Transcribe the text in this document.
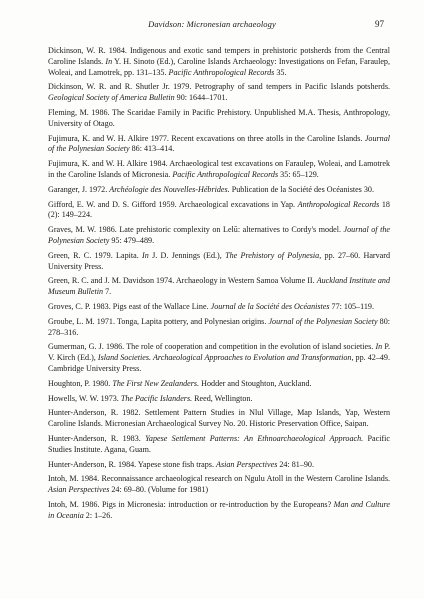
Davidson: Micronesian archaeology	97

Dickinson, W. R. 1984. Indigenous and exotic sand tempers in prehistoric potsherds from the Central Caroline Islands. In Y. H. Sinoto (Ed.), Caroline Islands Archaeology: Investigations on Fefan, Faraulep, Woleai, and Lamotrek, pp. 131–135. Pacific Anthropological Records 35.

Dickinson, W. R. and R. Shutler Jr. 1979. Petrography of sand tempers in Pacific Islands potsherds. Geological Society of America Bulletin 90: 1644–1701.

Fleming, M. 1986. The Scaridae Family in Pacific Prehistory. Unpublished M.A. Thesis, Anthropology, University of Otago.

Fujimura, K. and W. H. Alkire 1977. Recent excavations on three atolls in the Caroline Islands. Journal of the Polynesian Society 86: 413–414.

Fujimura, K. and W. H. Alkire 1984. Archaeological test excavations on Faraulep, Woleai, and Lamotrek in the Caroline Islands of Micronesia. Pacific Anthropological Records 35: 65–129.

Garanger, J. 1972. Archéologie des Nouvelles-Hébrides. Publication de la Société des Océanistes 30.

Gifford, E. W. and D. S. Gifford 1959. Archaeological excavations in Yap. Anthropological Records 18 (2): 149–224.

Graves, M. W. 1986. Late prehistoric complexity on Lelū: alternatives to Cordy's model. Journal of the Polynesian Society 95: 479–489.

Green, R. C. 1979. Lapita. In J. D. Jennings (Ed.), The Prehistory of Polynesia, pp. 27–60. Harvard University Press.

Green, R. C. and J. M. Davidson 1974. Archaeology in Western Samoa Volume II. Auckland Institute and Museum Bulletin 7.

Groves, C. P. 1983. Pigs east of the Wallace Line. Journal de la Société des Océanistes 77: 105–119.

Groube, L. M. 1971. Tonga, Lapita pottery, and Polynesian origins. Journal of the Polynesian Society 80: 278–316.

Gumerman, G. J. 1986. The role of cooperation and competition in the evolution of island societies. In P. V. Kirch (Ed.), Island Societies. Archaeological Approaches to Evolution and Transformation, pp. 42–49. Cambridge University Press.

Houghton, P. 1980. The First New Zealanders. Hodder and Stoughton, Auckland.

Howells, W. W. 1973. The Pacific Islanders. Reed, Wellington.

Hunter-Anderson, R. 1982. Settlement Pattern Studies in Nlul Village, Map Islands, Yap, Western Caroline Islands. Micronesian Archaeological Survey No. 20. Historic Preservation Office, Saipan.

Hunter-Anderson, R. 1983. Yapese Settlement Patterns: An Ethnoarchaeological Approach. Pacific Studies Institute. Agana, Guam.

Hunter-Anderson, R. 1984. Yapese stone fish traps. Asian Perspectives 24: 81–90.

Intoh, M. 1984. Reconnaissance archaeological research on Ngulu Atoll in the Western Caroline Islands. Asian Perspectives 24: 69–80. (Volume for 1981)

Intoh, M. 1986. Pigs in Micronesia: introduction or re-introduction by the Europeans? Man and Culture in Oceania 2: 1–26.
